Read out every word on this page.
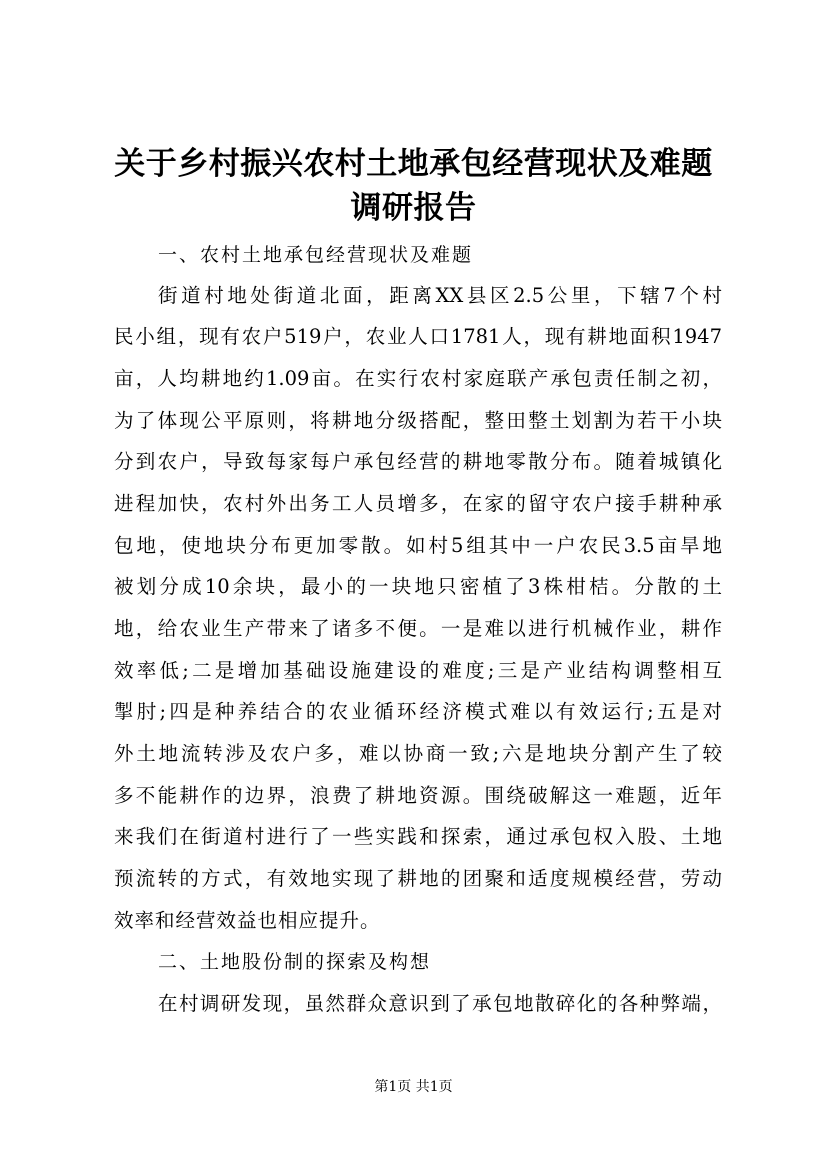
关于乡村振兴农村土地承包经营现状及难题调研报告
一、农村土地承包经营现状及难题
街道村地处街道北面，距离XX县区2.5公里，下辖7个村
民小组，现有农户519户，农业人口1781人，现有耕地面积1947
亩，人均耕地约1.09亩。在实行农村家庭联产承包责任制之初，
为了体现公平原则，将耕地分级搭配，整田整土划割为若干小块
分到农户，导致每家每户承包经营的耕地零散分布。随着城镇化
进程加快，农村外出务工人员增多，在家的留守农户接手耕种承
包地，使地块分布更加零散。如村5组其中一户农民3.5亩旱地
被划分成10余块，最小的一块地只密植了3株柑桔。分散的土
地，给农业生产带来了诸多不便。一是难以进行机械作业，耕作
效率低;二是增加基础设施建设的难度;三是产业结构调整相互
掣肘;四是种养结合的农业循环经济模式难以有效运行;五是对
外土地流转涉及农户多，难以协商一致;六是地块分割产生了较
多不能耕作的边界，浪费了耕地资源。围绕破解这一难题，近年
来我们在街道村进行了一些实践和探索，通过承包权入股、土地
预流转的方式，有效地实现了耕地的团聚和适度规模经营，劳动
效率和经营效益也相应提升。
二、土地股份制的探索及构想
在村调研发现，虽然群众意识到了承包地散碎化的各种弊端，
第1页 共1页
